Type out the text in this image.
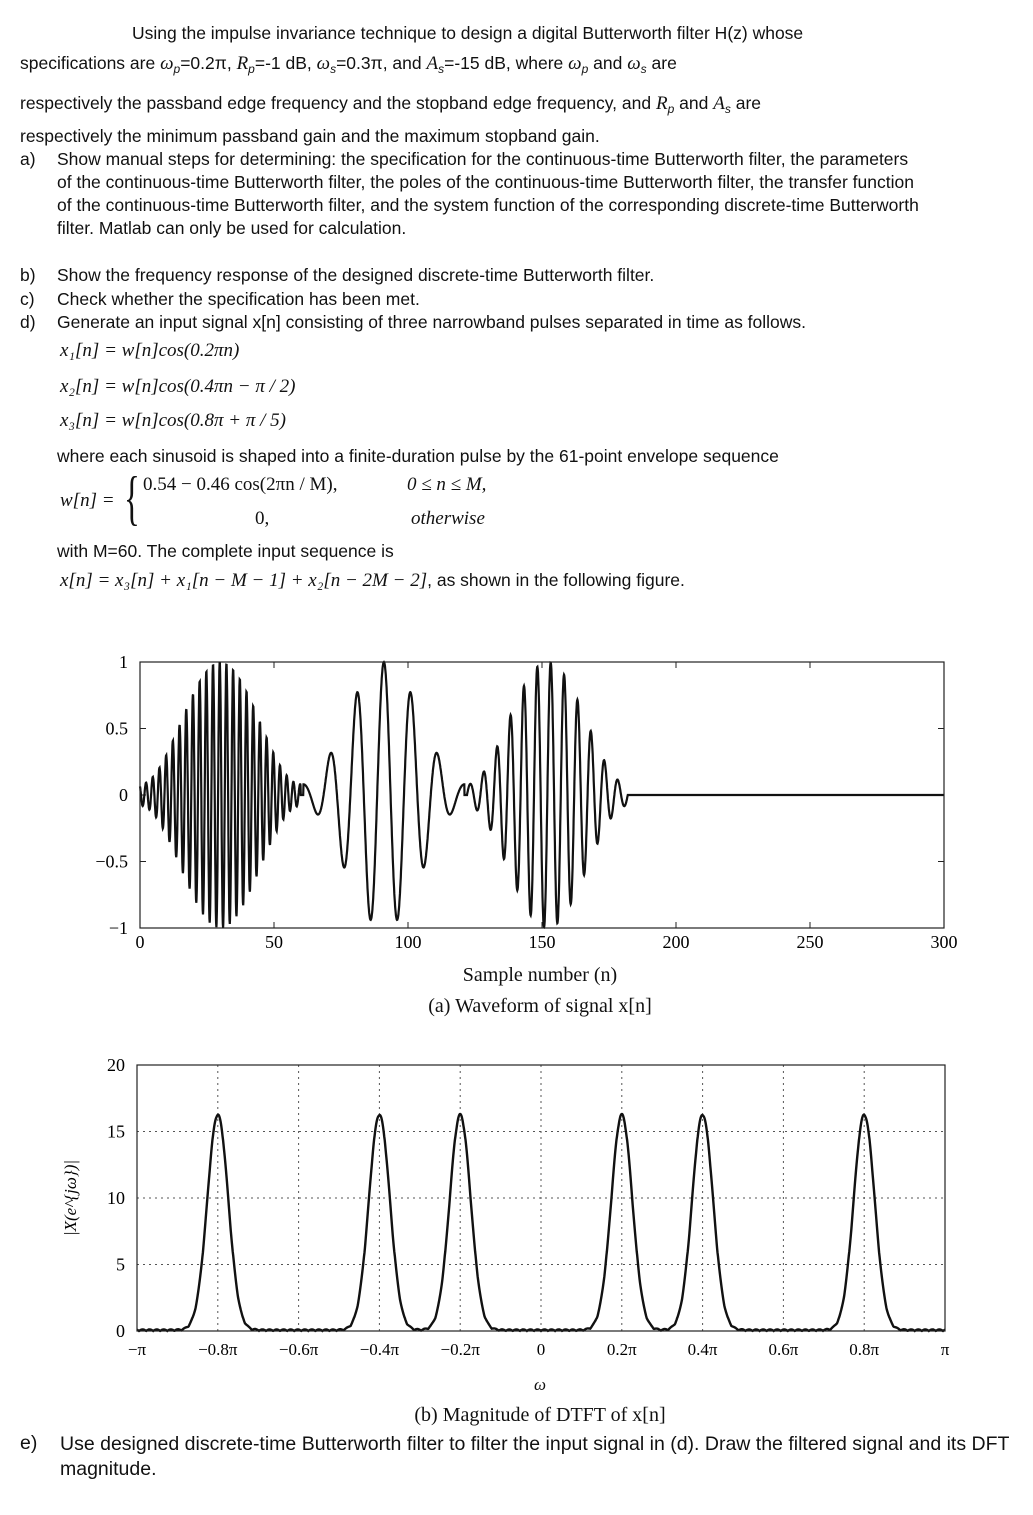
Using the impulse invariance technique to design a digital Butterworth filter H(z) whose
specifications are $\omega_p=0.2\pi$, $R_p=-1$ dB, $\omega_s=0.3\pi$, and $A_s=-15$ dB, where $\omega_p$ and $\omega_s$ are
respectively the passband edge frequency and the stopband edge frequency, and $R_p$ and $A_s$ are
respectively the minimum passband gain and the maximum stopband gain.
a) Show manual steps for determining: the specification for the continuous-time Butterworth filter, the parameters of the continuous-time Butterworth filter, the poles of the continuous-time Butterworth filter, the transfer function of the continuous-time Butterworth filter, and the system function of the corresponding discrete-time Butterworth filter. Matlab can only be used for calculation.
b) Show the frequency response of the designed discrete-time Butterworth filter.
c) Check whether the specification has been met.
d) Generate an input signal x[n] consisting of three narrowband pulses separated in time as follows.
x₁[n] = w[n]cos(0.2πn)
x₂[n] = w[n]cos(0.4πn − π / 2)
x₃[n] = w[n]cos(0.8π + π / 5)
where each sinusoid is shaped into a finite-duration pulse by the 61-point envelope sequence
w[n] = { 0.54 − 0.46 cos(2πn / M),	0 ≤ n ≤ M,
0,	otherwise
with M=60. The complete input sequence is
x[n] = x₃[n] + x₁[n − M − 1] + x₂[n − 2M − 2], as shown in the following figure.
0	50	100	150	200	250	300
1
0.5
0
−0.5
−1
Sample number (n)
(a) Waveform of signal x[n]
−π	−0.8π −0.6π −0.4π −0.2π	0	0.2π	0.4π	0.6π	0.8π	π
20
15
10
5
0
|X(e^{jω})|
ω
(b) Magnitude of DTFT of x[n]
e) Use designed discrete-time Butterworth filter to filter the input signal in (d). Draw the filtered signal and its DFT magnitude.
